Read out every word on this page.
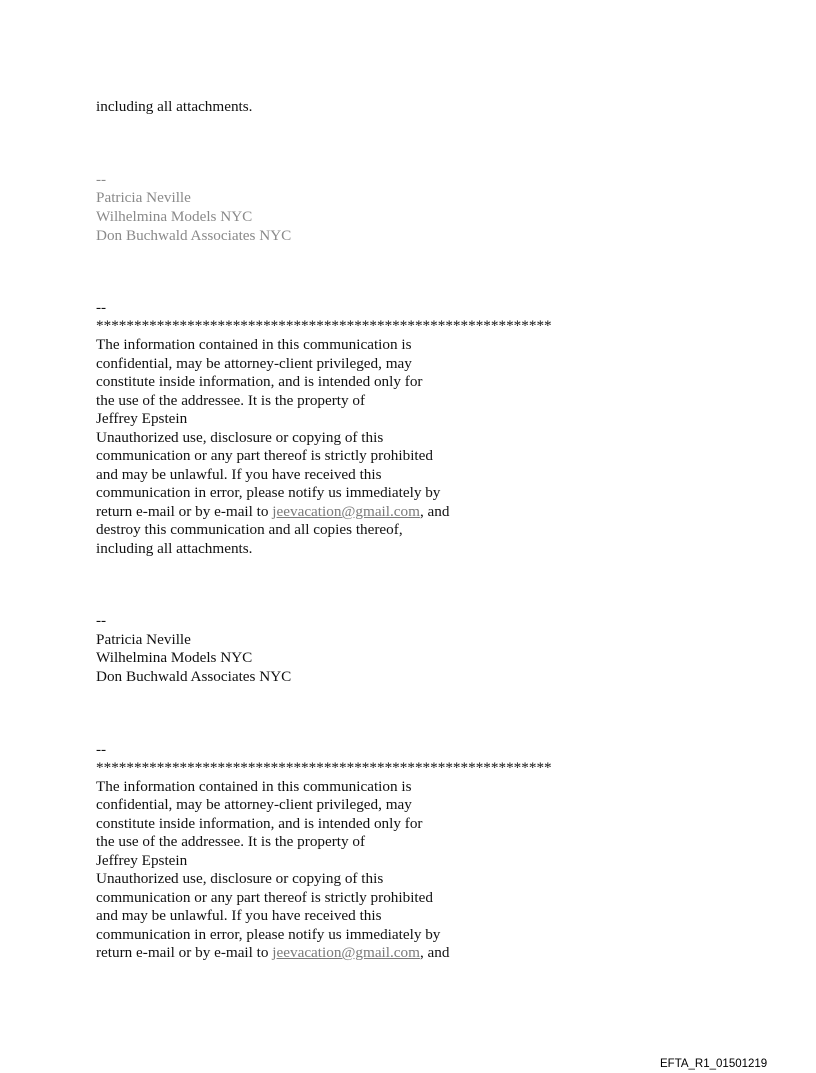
including all attachments.
--
Patricia Neville
Wilhelmina Models NYC
Don Buchwald Associates NYC
--
************************************************************
The information contained in this communication is
confidential, may be attorney-client privileged, may
constitute inside information, and is intended only for
the use of the addressee. It is the property of
Jeffrey Epstein
Unauthorized use, disclosure or copying of this
communication or any part thereof is strictly prohibited
and may be unlawful. If you have received this
communication in error, please notify us immediately by
return e-mail or by e-mail to jeevacation@gmail.com, and
destroy this communication and all copies thereof,
including all attachments.
--
Patricia Neville
Wilhelmina Models NYC
Don Buchwald Associates NYC
--
************************************************************
The information contained in this communication is
confidential, may be attorney-client privileged, may
constitute inside information, and is intended only for
the use of the addressee. It is the property of
Jeffrey Epstein
Unauthorized use, disclosure or copying of this
communication or any part thereof is strictly prohibited
and may be unlawful. If you have received this
communication in error, please notify us immediately by
return e-mail or by e-mail to jeevacation@gmail.com, and
EFTA_R1_01501219
